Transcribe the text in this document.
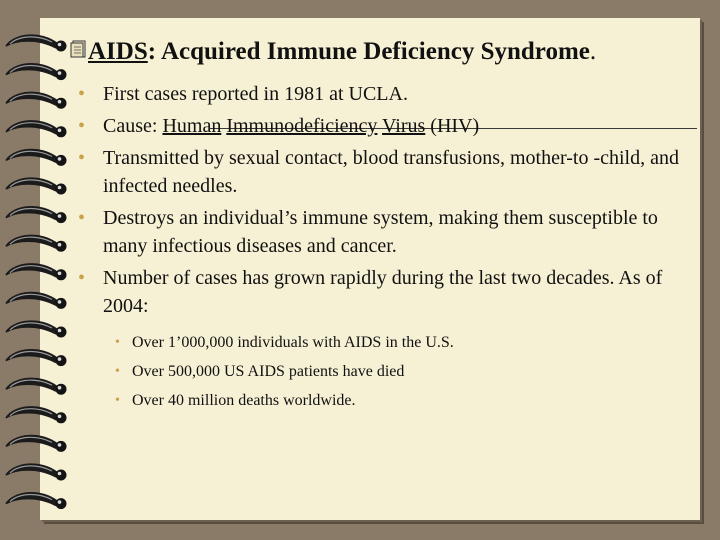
AIDS: Acquired Immune Deficiency Syndrome.
• First cases reported in 1981 at UCLA.
• Cause: Human Immunodeficiency Virus (HIV)
• Transmitted by sexual contact, blood transfusions, mother-to -child, and infected needles.
• Destroys an individual’s immune system, making them susceptible to many infectious diseases and cancer.
• Number of cases has grown rapidly during the last two decades. As of 2004:
• Over 1’000,000 individuals with AIDS in the U.S.
• Over 500,000 US AIDS patients have died
• Over 40 million deaths worldwide.
